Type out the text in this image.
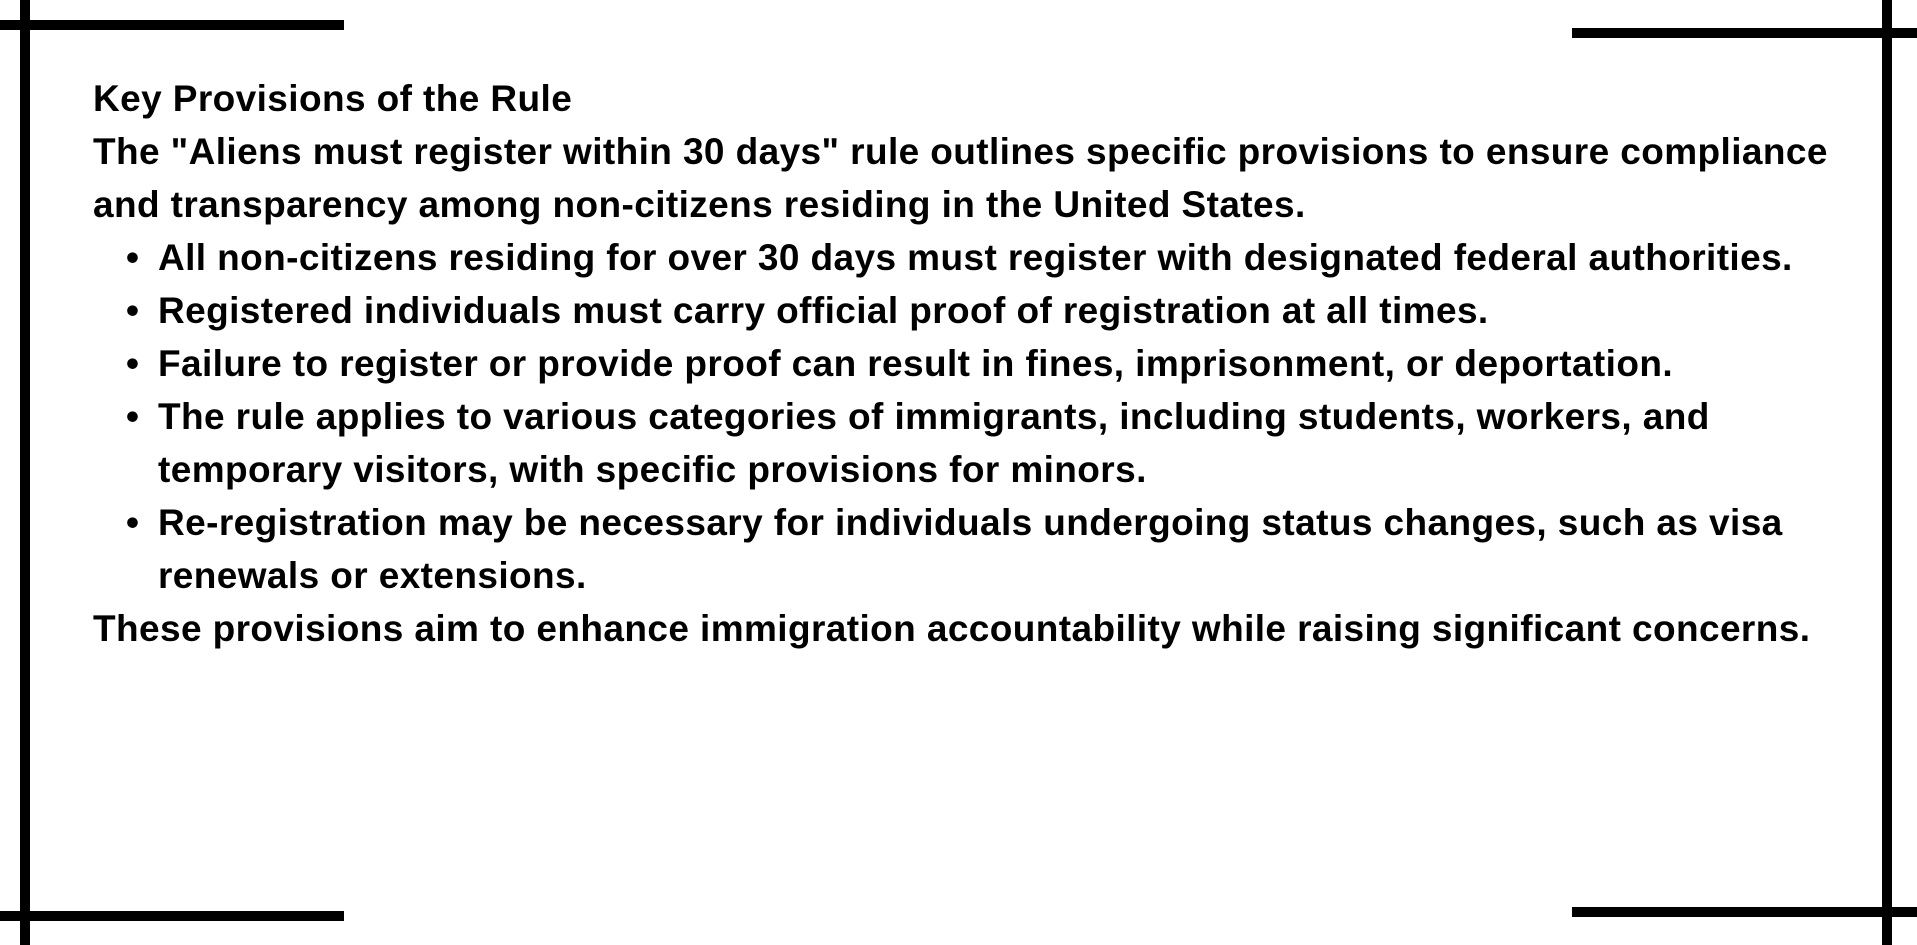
Key Provisions of the Rule

The "Aliens must register within 30 days" rule outlines specific provisions to ensure compliance and transparency among non-citizens residing in the United States.

• All non-citizens residing for over 30 days must register with designated federal authorities.
• Registered individuals must carry official proof of registration at all times.
• Failure to register or provide proof can result in fines, imprisonment, or deportation.
• The rule applies to various categories of immigrants, including students, workers, and temporary visitors, with specific provisions for minors.
• Re-registration may be necessary for individuals undergoing status changes, such as visa renewals or extensions.

These provisions aim to enhance immigration accountability while raising significant concerns.
